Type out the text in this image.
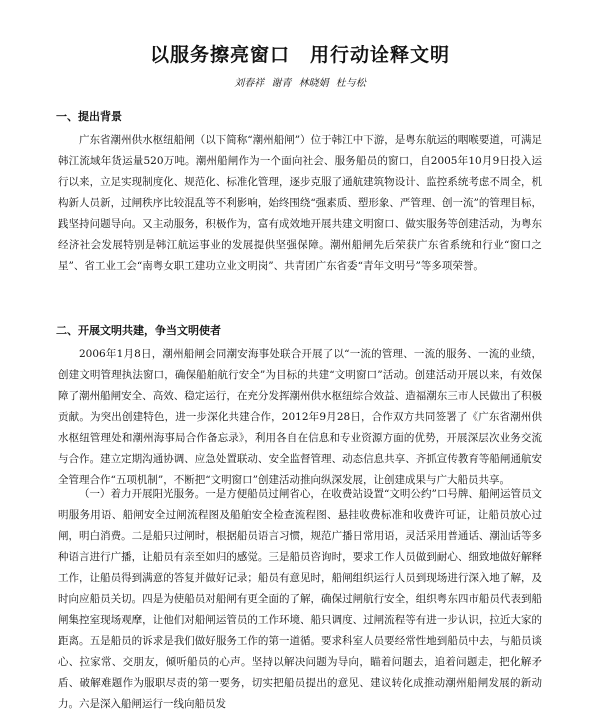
以服务擦亮窗口　用行动诠释文明
刘春祥 谢青 林晓娟 杜与松
一、提出背景

广东省潮州供水枢纽船闸（以下简称“潮州船闸”）位于韩江中下游，是粤东航运的咽喉要道，可满足韩江流域年货运量520万吨。潮州船闸作为一个面向社会、服务船员的窗口，自2005年10月9日投入运行以来，立足实现制度化、规范化、标准化管理，逐步克服了通航建筑物设计、监控系统考虑不周全，机构新人员新，过闸秩序比较混乱等不利影响，始终围绕“强素质、塑形象、严管理、创一流”的管理目标，践坚持问题导向。又主动服务，积极作为，富有成效地开展共建文明窗口、做实服务等创建活动，为粤东经济社会发展特别是韩江航运事业的发展提供坚强保障。潮州船闸先后荣获广东省系统和行业“窗口之星”、省工业工会“南粤女职工建功立业文明岗”、共青团广东省委“青年文明号”等多项荣誉。

二、开展文明共建，争当文明使者

2006年1月8日，潮州船闸会同潮安海事处联合开展了以“一流的管理、一流的服务、一流的业绩，创建文明管理执法窗口，确保船舶航行安全”为目标的共建“文明窗口”活动。创建活动开展以来，有效保障了潮州船闸安全、高效、稳定运行，在充分发挥潮州供水枢纽综合效益、造福潮东三市人民做出了积极贡献。为突出创建特色，进一步深化共建合作，2012年9月28日，合作双方共同签署了《广东省潮州供水枢纽管理处和潮州海事局合作备忘录》，利用各自在信息和专业资源方面的优势，开展深层次业务交流与合作。建立定期沟通协调、应急处置联动、安全监督管理、动态信息共享、齐抓宣传教育等船闸通航安全管理合作“五项机制”，不断把“文明窗口”创建活动推向纵深发展，让创建成果与广大船员共享。

（一）着力开展阳光服务。一是方便船员过闸省心，在收费站设置“文明公约”口号牌、船闸运管员文明服务用语、船闸安全过闸流程图及船舶安全检查流程图、悬挂收费标准和收费许可证，让船员放心过闸，明白消费。二是船只过闸时，根据船员语言习惯，规范广播日常用语，灵活采用普通话、潮汕话等多种语言进行广播，让船员有亲至如归的感觉。三是船员咨询时，要求工作人员做到耐心、细致地做好解释工作，让船员得到满意的答复并做好记录；船员有意见时，船闸组织运行人员到现场进行深入地了解，及时向应船员关切。四是为使船员对船闸有更全面的了解，确保过闸航行安全，组织粤东四市船员代表到船闸集控室现场观摩，让他们对船闸运管员的工作环境、船只调度、过闸流程等有进一步认识，拉近大家的距离。五是船员的诉求是我们做好服务工作的第一道循。要求科室人员要经常性地到船员中去，与船员谈心、拉家常、交朋友，倾听船员的心声。坚持以解决问题为导向，瞄着问题去，追着问题走，把化解矛盾、破解难题作为服职尽责的第一要务，切实把船员提出的意见、建议转化成推动潮州船闸发展的新动力。六是深入船闸运行一线向船员发
